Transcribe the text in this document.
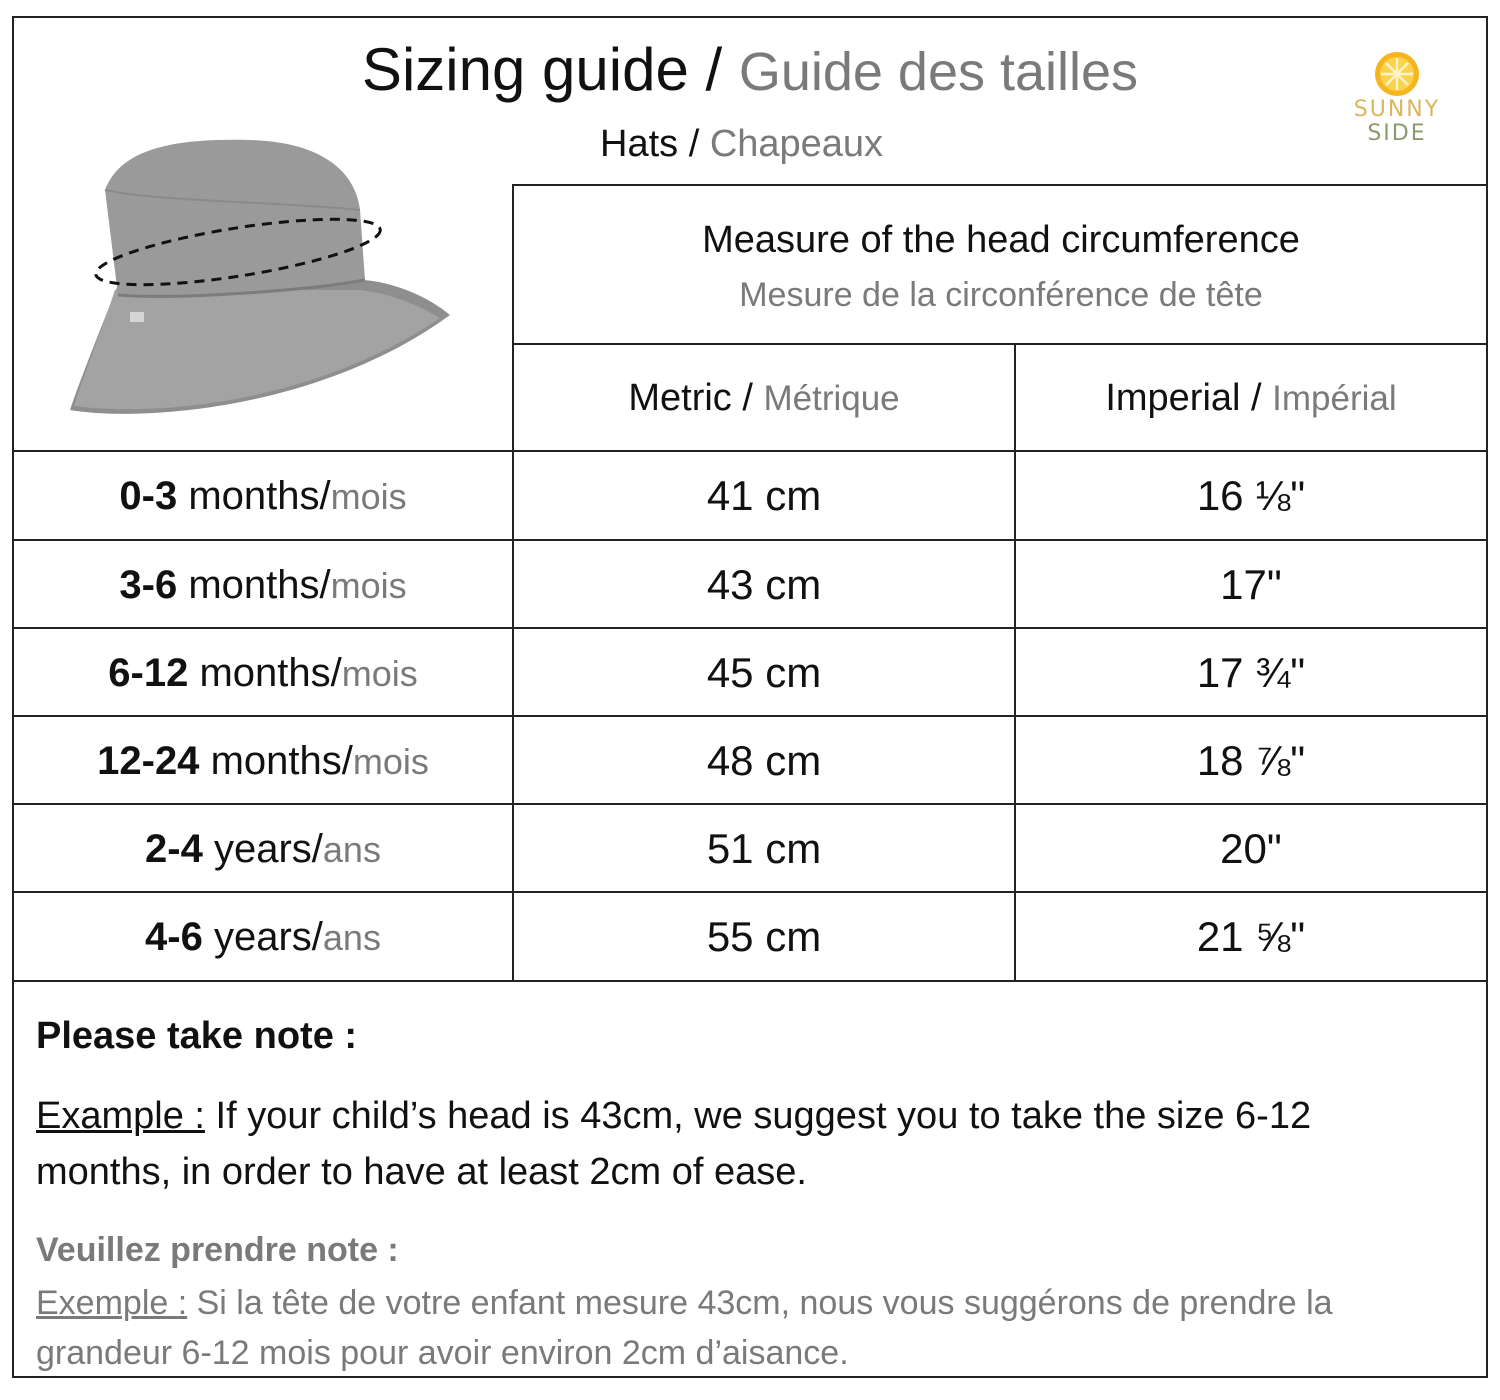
Sizing guide / Guide des tailles
Hats / Chapeaux
SUNNY
SIDE
Measure of the head circumference
Mesure de la circonférence de tête
Metric / Métrique	Imperial / Impérial
0-3 months/mois	41 cm	16 ⅛"
3-6 months/mois	43 cm	17"
6-12 months/mois	45 cm	17 ¾"
12-24 months/mois	48 cm	18 ⅞"
2-4 years/ans	51 cm	20"
4-6 years/ans	55 cm	21 ⅝"
Please take note :
Example : If your child’s head is 43cm, we suggest you to take the size 6-12 months, in order to have at least 2cm of ease.
Veuillez prendre note :
Exemple : Si la tête de votre enfant mesure 43cm, nous vous suggérons de prendre la grandeur 6-12 mois pour avoir environ 2cm d’aisance.
